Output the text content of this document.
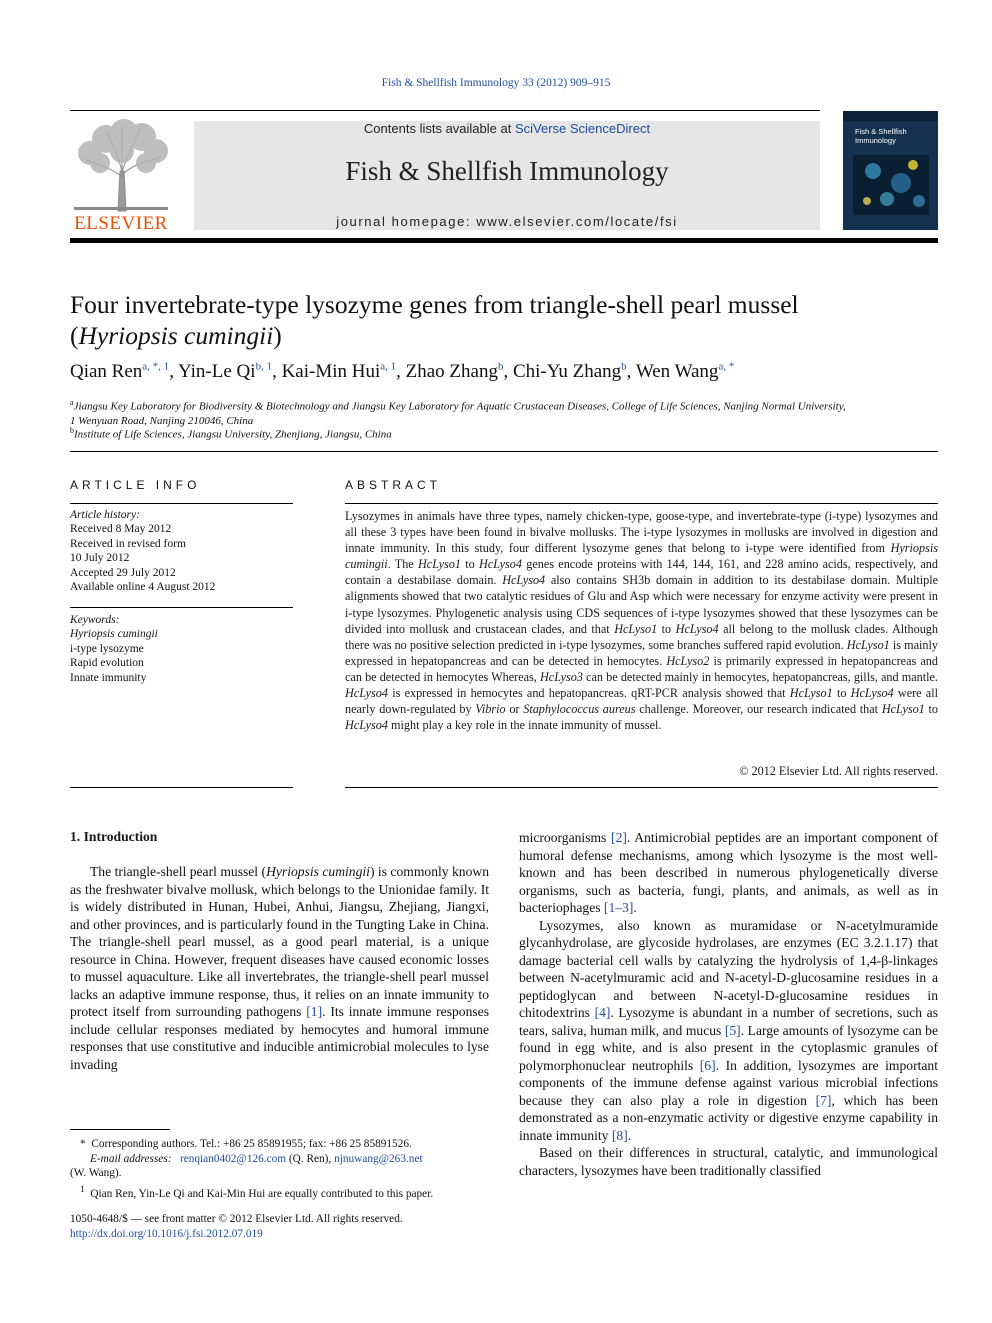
Fish & Shellfish Immunology 33 (2012) 909–915
ELSEVIER
Contents lists available at SciVerse ScienceDirect
Fish & Shellfish Immunology
journal homepage: www.elsevier.com/locate/fsi
Fish & Shellfish
Immunology
Four invertebrate-type lysozyme genes from triangle-shell pearl mussel
(Hyriopsis cumingii)
Qian Ren$^{a, *, 1}$, Yin-Le Qi$^{b, 1}$, Kai-Min Hui$^{a, 1}$, Zhao Zhang$^b$, Chi-Yu Zhang$^b$, Wen Wang$^{a, *}$
$^a$Jiangsu Key Laboratory for Biodiversity & Biotechnology and Jiangsu Key Laboratory for Aquatic Crustacean Diseases, College of Life Sciences, Nanjing Normal University,
1 Wenyuan Road, Nanjing 210046, China
$^b$Institute of Life Sciences, Jiangsu University, Zhenjiang, Jiangsu, China
ARTICLE INFO
Article history:
Received 8 May 2012
Received in revised form
10 July 2012
Accepted 29 July 2012
Available online 4 August 2012
Keywords:
Hyriopsis cumingii
i-type lysozyme
Rapid evolution
Innate immunity
ABSTRACT
Lysozymes in animals have three types, namely chicken-type, goose-type, and invertebrate-type (i-type) lysozymes and all these 3 types have been found in bivalve mollusks. The i-type lysozymes in mollusks are involved in digestion and innate immunity. In this study, four different lysozyme genes that belong to i-type were identified from Hyriopsis cumingii. The HcLyso1 to HcLyso4 genes encode proteins with 144, 144, 161, and 228 amino acids, respectively, and contain a destabilase domain. HcLyso4 also contains SH3b domain in addition to its destabilase domain. Multiple alignments showed that two catalytic residues of Glu and Asp which were necessary for enzyme activity were present in i-type lysozymes. Phylogenetic analysis using CDS sequences of i-type lysozymes showed that these lysozymes can be divided into mollusk and crustacean clades, and that HcLyso1 to HcLyso4 all belong to the mollusk clades. Although there was no positive selection predicted in i-type lysozymes, some branches suffered rapid evolution. HcLyso1 is mainly expressed in hepatopancreas and can be detected in hemocytes. HcLyso2 is primarily expressed in hepatopancreas and can be detected in hemocytes Whereas, HcLyso3 can be detected mainly in hemocytes, hepatopancreas, gills, and mantle. HcLyso4 is expressed in hemocytes and hepatopancreas. qRT-PCR analysis showed that HcLyso1 to HcLyso4 were all nearly down-regulated by Vibrio or Staphylococcus aureus challenge. Moreover, our research indicated that HcLyso1 to HcLyso4 might play a key role in the innate immunity of mussel.
© 2012 Elsevier Ltd. All rights reserved.
1. Introduction

The triangle-shell pearl mussel (Hyriopsis cumingii) is commonly known as the freshwater bivalve mollusk, which belongs to the Unionidae family. It is widely distributed in Hunan, Hubei, Anhui, Jiangsu, Zhejiang, Jiangxi, and other provinces, and is particularly found in the Tungting Lake in China. The triangle-shell pearl mussel, as a good pearl material, is a unique resource in China. However, frequent diseases have caused economic losses to mussel aquaculture. Like all invertebrates, the triangle-shell pearl mussel lacks an adaptive immune response, thus, it relies on an innate immunity to protect itself from surrounding pathogens [1]. Its innate immune responses include cellular responses mediated by hemocytes and humoral immune responses that use constitutive and inducible antimicrobial molecules to lyse invading

microorganisms [2]. Antimicrobial peptides are an important component of humoral defense mechanisms, among which lysozyme is the most well-known and has been described in numerous phylogenetically diverse organisms, such as bacteria, fungi, plants, and animals, as well as in bacteriophages [1–3].

Lysozymes, also known as muramidase or N-acetylmuramide glycanhydrolase, are glycoside hydrolases, are enzymes (EC 3.2.1.17) that damage bacterial cell walls by catalyzing the hydrolysis of 1,4-β-linkages between N-acetylmuramic acid and N-acetyl-D-glucosamine residues in a peptidoglycan and between N-acetyl-D-glucosamine residues in chitodextrins [4]. Lysozyme is abundant in a number of secretions, such as tears, saliva, human milk, and mucus [5]. Large amounts of lysozyme can be found in egg white, and is also present in the cytoplasmic granules of polymorphonuclear neutrophils [6]. In addition, lysozymes are important components of the immune defense against various microbial infections because they can also play a role in digestion [7], which has been demonstrated as a non-enzymatic activity or digestive enzyme capability in innate immunity [8].

Based on their differences in structural, catalytic, and immunological characters, lysozymes have been traditionally classified

* Corresponding authors. Tel.: +86 25 85891955; fax: +86 25 85891526.
E-mail addresses: renqian0402@126.com (Q. Ren), njnuwang@263.net
(W. Wang).
$^1$ Qian Ren, Yin-Le Qi and Kai-Min Hui are equally contributed to this paper.
1050-4648/$ — see front matter © 2012 Elsevier Ltd. All rights reserved.
http://dx.doi.org/10.1016/j.fsi.2012.07.019
